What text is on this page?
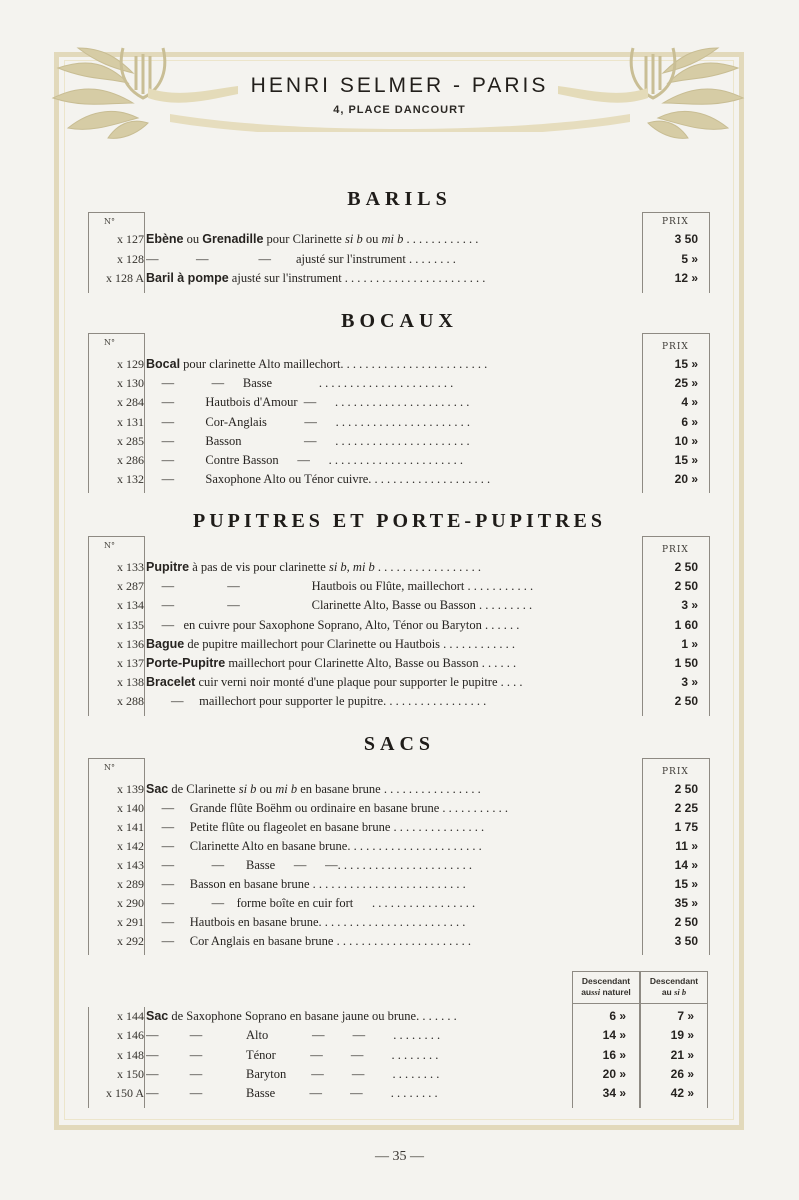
HENRI SELMER - PARIS
4, PLACE DANCOURT
BARILS
N°	PRIX
x 127 Ebène ou Grenadille pour Clarinette si b ou mi b . . . . . . . . . . . .	3 50
x 128 —            —                —        ajusté sur l'instrument . . . . . . . .	5 »
x 128 A Baril à pompe ajusté sur l'instrument . . . . . . . . . . . . . . . . . . . . . . .	12 »
BOCAUX
N°	PRIX
x 129 Bocal pour clarinette Alto maillechort. . . . . . . . . . . . . . . . . . . . . . . .	15 »
x 130 —            —      Basse               . . . . . . . . . . . . . . . . . . . . . .	25 »
x 284 —          Hautbois d'Amour  —      . . . . . . . . . . . . . . . . . . . . . .	4 »
x 131 —          Cor-Anglais            —      . . . . . . . . . . . . . . . . . . . . . .	6 »
x 285 —          Basson                    —      . . . . . . . . . . . . . . . . . . . . . .	10 »
x 286 —          Contre Basson      —      . . . . . . . . . . . . . . . . . . . . . .	15 »
x 132 —          Saxophone Alto ou Ténor cuivre. . . . . . . . . . . . . . . . . . . .	20 »
PUPITRES ET PORTE-PUPITRES
N°	PRIX
x 133 Pupitre à pas de vis pour clarinette si b, mi b . . . . . . . . . . . . . . . . .	2 50
x 287 —                 —                       Hautbois ou Flûte, maillechort . . . . . . . . . . .	2 50
x 134 —                 —                       Clarinette Alto, Basse ou Basson . . . . . . . . .	3 »
x 135 —   en cuivre pour Saxophone Soprano, Alto, Ténor ou Baryton . . . . . .	1 60
x 136 Bague de pupitre maillechort pour Clarinette ou Hautbois . . . . . . . . . . . .	1 »
x 137 Porte-Pupitre maillechort pour Clarinette Alto, Basse ou Basson . . . . . .	1 50
x 138 Bracelet cuir verni noir monté d'une plaque pour supporter le pupitre . . . .	3 »
x 288 —     maillechort pour supporter le pupitre. . . . . . . . . . . . . . . . .	2 50
SACS
N°	PRIX
x 139 Sac de Clarinette si b ou mi b en basane brune . . . . . . . . . . . . . . . .	2 50
x 140 —     Grande flûte Boëhm ou ordinaire en basane brune . . . . . . . . . . .	2 25
x 141 —     Petite flûte ou flageolet en basane brune . . . . . . . . . . . . . . .	1 75
x 142 —     Clarinette Alto en basane brune. . . . . . . . . . . . . . . . . . . . . .	11 »
x 143 —            —       Basse      —      —. . . . . . . . . . . . . . . . . . . . . .	14 »
x 289 —     Basson en basane brune . . . . . . . . . . . . . . . . . . . . . . . . .	15 »
x 290 —            —    forme boîte en cuir fort      . . . . . . . . . . . . . . . . .	35 »
x 291 —     Hautbois en basane brune. . . . . . . . . . . . . . . . . . . . . . . .	2 50
x 292 —     Cor Anglais en basane brune . . . . . . . . . . . . . . . . . . . . . .	3 50
Descendant
aussi naturel
Descendant
au si b
x 144 Sac de Saxophone Soprano en basane jaune ou brune. . . . . . .	6 »	7 »
x 146 —          —              Alto              —         —         . . . . . . . .	14 »	19 »
x 148 —          —              Ténor           —         —         . . . . . . . .	16 »	21 »
x 150 —          —              Baryton        —         —         . . . . . . . .	20 »	26 »
x 150 A —          —              Basse           —         —         . . . . . . . .	34 »	42 »
— 35 —
